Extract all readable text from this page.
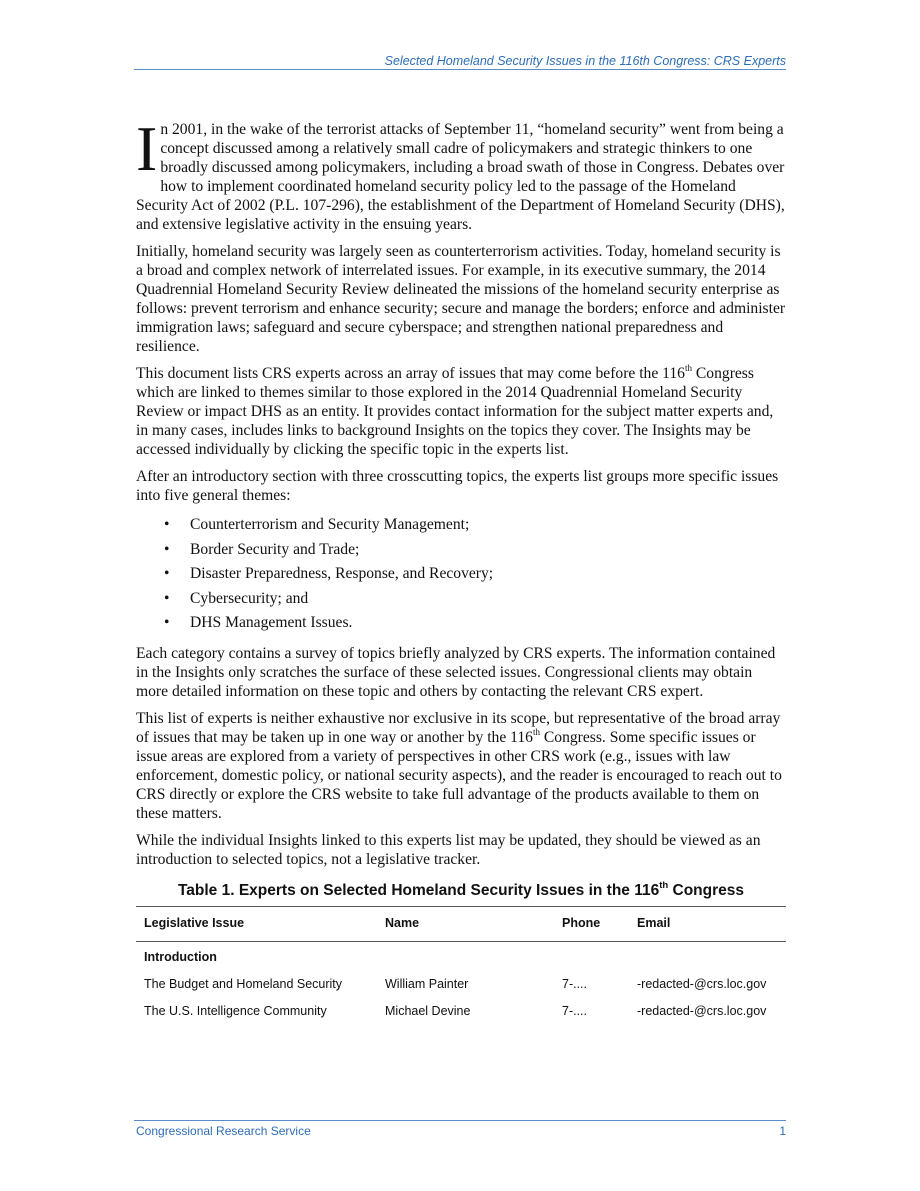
Selected Homeland Security Issues in the 116th Congress: CRS Experts

In 2001, in the wake of the terrorist attacks of September 11, “homeland security” went from being a concept discussed among a relatively small cadre of policymakers and strategic thinkers to one broadly discussed among policymakers, including a broad swath of those in Congress. Debates over how to implement coordinated homeland security policy led to the passage of the Homeland Security Act of 2002 (P.L. 107-296), the establishment of the Department of Homeland Security (DHS), and extensive legislative activity in the ensuing years.

Initially, homeland security was largely seen as counterterrorism activities. Today, homeland security is a broad and complex network of interrelated issues. For example, in its executive summary, the 2014 Quadrennial Homeland Security Review delineated the missions of the homeland security enterprise as follows: prevent terrorism and enhance security; secure and manage the borders; enforce and administer immigration laws; safeguard and secure cyberspace; and strengthen national preparedness and resilience.

This document lists CRS experts across an array of issues that may come before the 116th Congress which are linked to themes similar to those explored in the 2014 Quadrennial Homeland Security Review or impact DHS as an entity. It provides contact information for the subject matter experts and, in many cases, includes links to background Insights on the topics they cover. The Insights may be accessed individually by clicking the specific topic in the experts list.

After an introductory section with three crosscutting topics, the experts list groups more specific issues into five general themes:

• Counterterrorism and Security Management;
• Border Security and Trade;
• Disaster Preparedness, Response, and Recovery;
• Cybersecurity; and
• DHS Management Issues.

Each category contains a survey of topics briefly analyzed by CRS experts. The information contained in the Insights only scratches the surface of these selected issues. Congressional clients may obtain more detailed information on these topic and others by contacting the relevant CRS expert.

This list of experts is neither exhaustive nor exclusive in its scope, but representative of the broad array of issues that may be taken up in one way or another by the 116th Congress. Some specific issues or issue areas are explored from a variety of perspectives in other CRS work (e.g., issues with law enforcement, domestic policy, or national security aspects), and the reader is encouraged to reach out to CRS directly or explore the CRS website to take full advantage of the products available to them on these matters.

While the individual Insights linked to this experts list may be updated, they should be viewed as an introduction to selected topics, not a legislative tracker.

Table 1. Experts on Selected Homeland Security Issues in the 116th Congress
Legislative Issue	Name	Phone	Email
Introduction			
The Budget and Homeland Security	William Painter	7-....	-redacted-@crs.loc.gov
The U.S. Intelligence Community	Michael Devine	7-....	-redacted-@crs.loc.gov
Congressional Research Service	1
